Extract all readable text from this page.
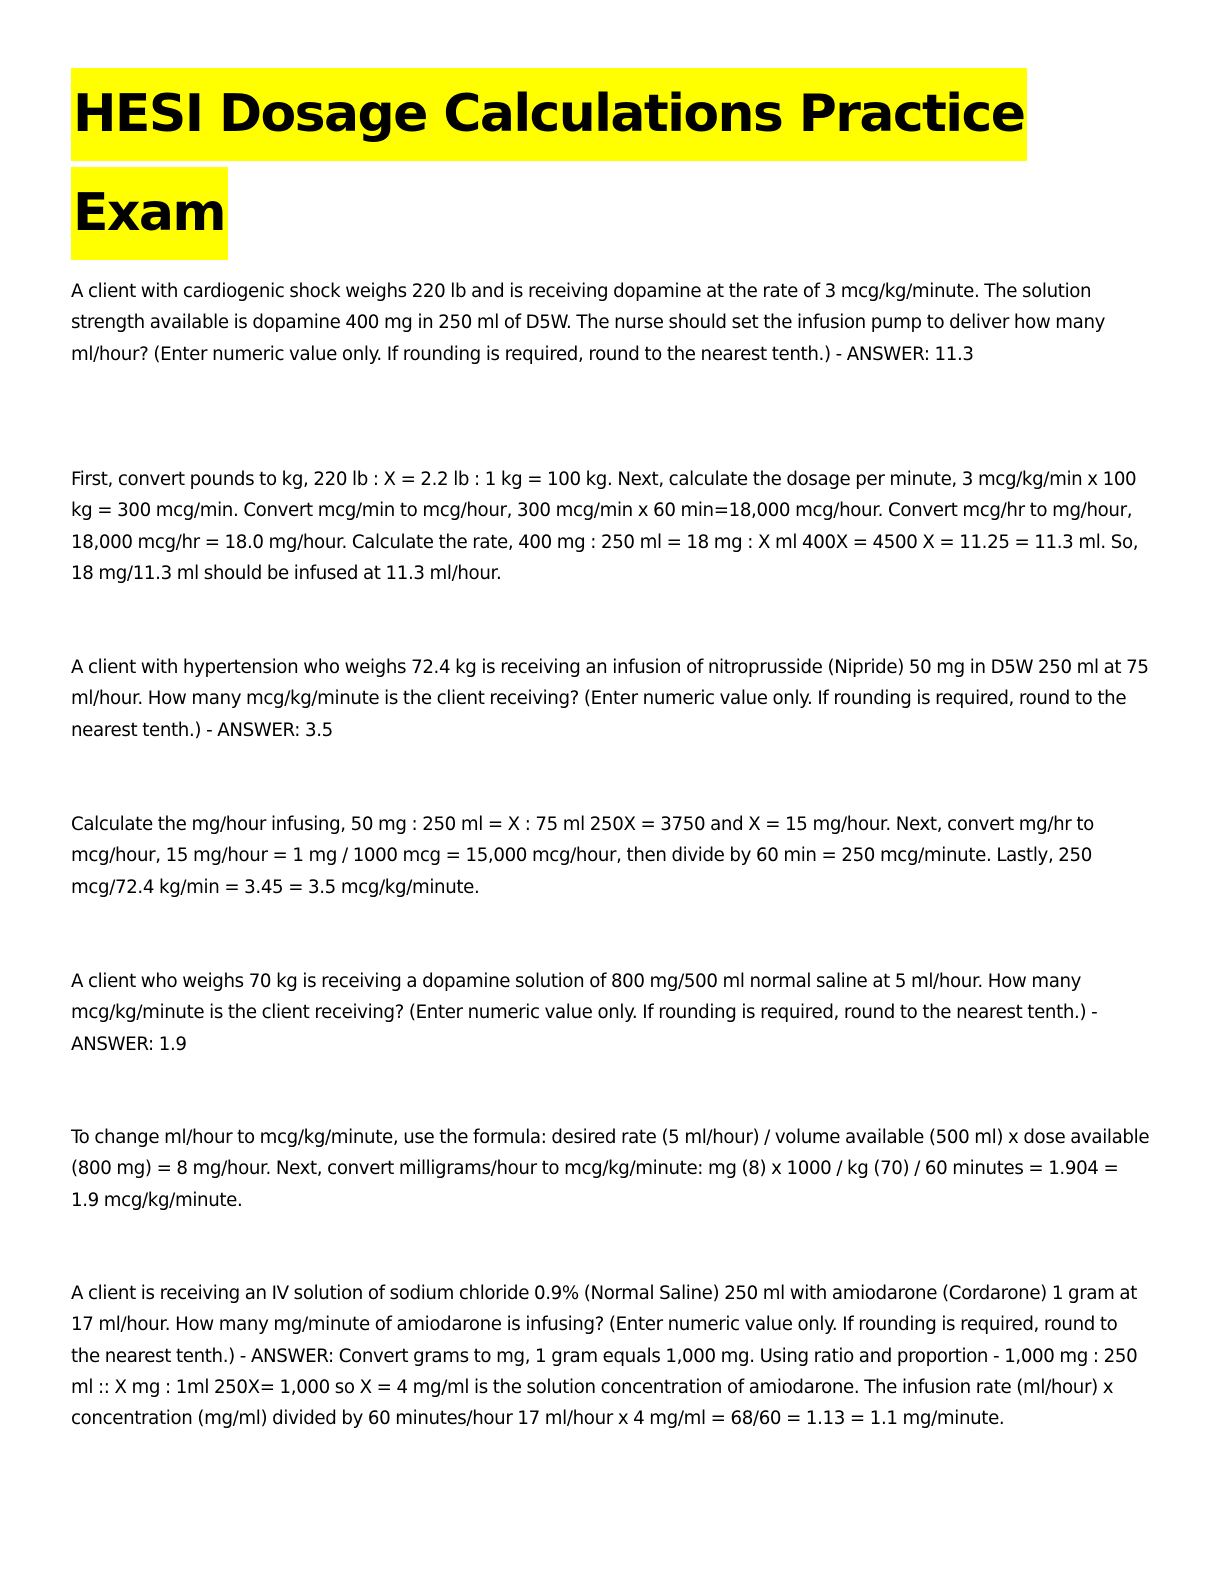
HESI Dosage Calculations Practice
Exam

A client with cardiogenic shock weighs 220 lb and is receiving dopamine at the rate of 3 mcg/kg/minute. The solution strength available is dopamine 400 mg in 250 ml of D5W. The nurse should set the infusion pump to deliver how many ml/hour? (Enter numeric value only. If rounding is required, round to the nearest tenth.) - ANSWER: 11.3

First, convert pounds to kg, 220 lb : X = 2.2 lb : 1 kg = 100 kg. Next, calculate the dosage per minute, 3 mcg/kg/min x 100 kg = 300 mcg/min. Convert mcg/min to mcg/hour, 300 mcg/min x 60 min=18,000 mcg/hour. Convert mcg/hr to mg/hour, 18,000 mcg/hr = 18.0 mg/hour. Calculate the rate, 400 mg : 250 ml = 18 mg : X ml 400X = 4500 X = 11.25 = 11.3 ml. So, 18 mg/11.3 ml should be infused at 11.3 ml/hour.

A client with hypertension who weighs 72.4 kg is receiving an infusion of nitroprusside (Nipride) 50 mg in D5W 250 ml at 75 ml/hour. How many mcg/kg/minute is the client receiving? (Enter numeric value only. If rounding is required, round to the nearest tenth.) - ANSWER: 3.5

Calculate the mg/hour infusing, 50 mg : 250 ml = X : 75 ml 250X = 3750 and X = 15 mg/hour. Next, convert mg/hr to mcg/hour, 15 mg/hour = 1 mg / 1000 mcg = 15,000 mcg/hour, then divide by 60 min = 250 mcg/minute. Lastly, 250 mcg/72.4 kg/min = 3.45 = 3.5 mcg/kg/minute.

A client who weighs 70 kg is receiving a dopamine solution of 800 mg/500 ml normal saline at 5 ml/hour. How many mcg/kg/minute is the client receiving? (Enter numeric value only. If rounding is required, round to the nearest tenth.) - ANSWER: 1.9

To change ml/hour to mcg/kg/minute, use the formula: desired rate (5 ml/hour) / volume available (500 ml) x dose available (800 mg) = 8 mg/hour. Next, convert milligrams/hour to mcg/kg/minute: mg (8) x 1000 / kg (70) / 60 minutes = 1.904 = 1.9 mcg/kg/minute.

A client is receiving an IV solution of sodium chloride 0.9% (Normal Saline) 250 ml with amiodarone (Cordarone) 1 gram at 17 ml/hour. How many mg/minute of amiodarone is infusing? (Enter numeric value only. If rounding is required, round to the nearest tenth.) - ANSWER: Convert grams to mg, 1 gram equals 1,000 mg. Using ratio and proportion - 1,000 mg : 250 ml :: X mg : 1ml 250X= 1,000 so X = 4 mg/ml is the solution concentration of amiodarone. The infusion rate (ml/hour) x concentration (mg/ml) divided by 60 minutes/hour 17 ml/hour x 4 mg/ml = 68/60 = 1.13 = 1.1 mg/minute.
